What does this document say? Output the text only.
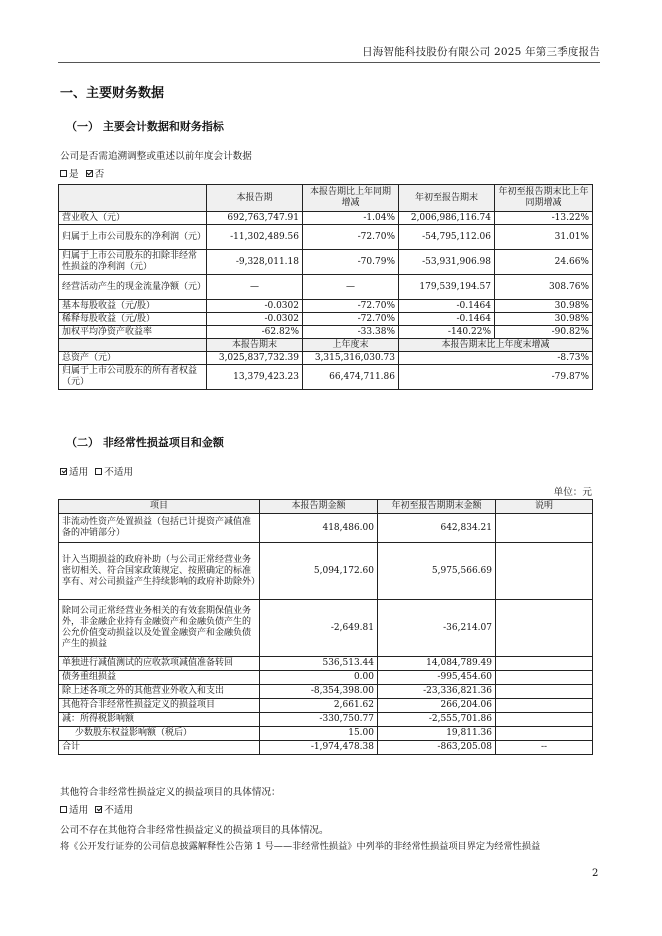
日海智能科技股份有限公司 2025 年第三季度报告
一、主要财务数据
（一） 主要会计数据和财务指标
公司是否需追溯调整或重述以前年度会计数据
是 否
	本报告期	本报告期比上年同期增减	年初至报告期末	年初至报告期末比上年同期增减
营业收入（元）	692,763,747.91	-1.04%	2,006,986,116.74	-13.22%
归属于上市公司股东的净利润（元）	-11,302,489.56	-72.70%	-54,795,112.06	31.01%
归属于上市公司股东的扣除非经常性损益的净利润（元）	-9,328,011.18	-70.79%	-53,931,906.98	24.66%
经营活动产生的现金流量净额（元）	—	—	179,539,194.57	308.76%
基本每股收益（元/股）	-0.0302	-72.70%	-0.1464	30.98%
稀释每股收益（元/股）	-0.0302	-72.70%	-0.1464	30.98%
加权平均净资产收益率	-62.82%	-33.38%	-140.22%	-90.82%
	本报告期末	上年度末	本报告期末比上年度末增减	
总资产（元）	3,025,837,732.39	3,315,316,030.73	-8.73%	
归属于上市公司股东的所有者权益（元）	13,379,423.23	66,474,711.86	-79.87%	
（二） 非经常性损益项目和金额
适用 不适用
单位：元
项目	本报告期金额	年初至报告期期末金额	说明
非流动性资产处置损益（包括已计提资产减值准备的冲销部分）	418,486.00	642,834.21	
计入当期损益的政府补助（与公司正常经营业务密切相关、符合国家政策规定、按照确定的标准享有、对公司损益产生持续影响的政府补助除外）	5,094,172.60	5,975,566.69	
除同公司正常经营业务相关的有效套期保值业务外，非金融企业持有金融资产和金融负债产生的公允价值变动损益以及处置金融资产和金融负债产生的损益	-2,649.81	-36,214.07	
单独进行减值测试的应收款项减值准备转回	536,513.44	14,084,789.49	
债务重组损益	0.00	-995,454.60	
除上述各项之外的其他营业外收入和支出	-8,354,398.00	-23,336,821.36	
其他符合非经常性损益定义的损益项目	2,661.62	266,204.06	
减：所得税影响额	-330,750.77	-2,555,701.86	
少数股东权益影响额（税后）	15.00	19,811.36	
合计	-1,974,478.38	-863,205.08	--
其他符合非经常性损益定义的损益项目的具体情况：
适用 不适用
公司不存在其他符合非经常性损益定义的损益项目的具体情况。
将《公开发行证券的公司信息披露解释性公告第 1 号——非经常性损益》中列举的非经常性损益项目界定为经常性损益
2
